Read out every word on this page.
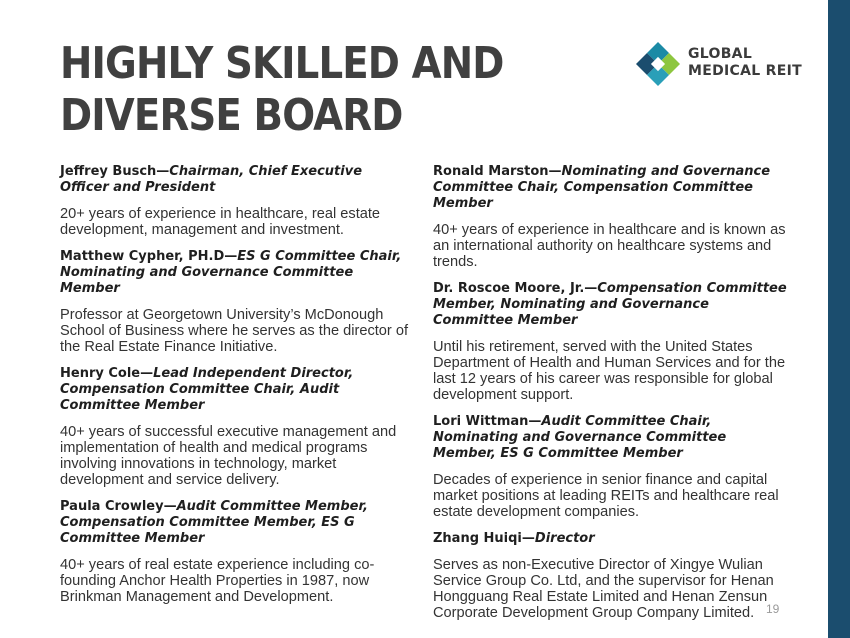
HIGHLY SKILLED AND
DIVERSE BOARD
GLOBAL
MEDICAL REIT
Jeffrey Busch—Chairman, Chief Executive Officer and President
20+ years of experience in healthcare, real estate development, management and investment.
Matthew Cypher, PH.D—ES G Committee Chair, Nominating and Governance Committee Member
Professor at Georgetown University’s McDonough School of Business where he serves as the director of the Real Estate Finance Initiative.
Henry Cole—Lead Independent Director, Compensation Committee Chair, Audit Committee Member
40+ years of successful executive management and implementation of health and medical programs involving innovations in technology, market development and service delivery.
Paula Crowley—Audit Committee Member, Compensation Committee Member, ES G Committee Member
40+ years of real estate experience including co-founding Anchor Health Properties in 1987, now Brinkman Management and Development.
Ronald Marston—Nominating and Governance Committee Chair, Compensation Committee Member
40+ years of experience in healthcare and is known as an international authority on healthcare systems and trends.
Dr. Roscoe Moore, Jr.—Compensation Committee Member, Nominating and Governance Committee Member
Until his retirement, served with the United States Department of Health and Human Services and for the last 12 years of his career was responsible for global development support.
Lori Wittman—Audit Committee Chair, Nominating and Governance Committee Member, ES G Committee Member
Decades of experience in senior finance and capital market positions at leading REITs and healthcare real estate development companies.
Zhang Huiqi—Director
Serves as non-Executive Director of Xingye Wulian Service Group Co. Ltd, and the supervisor for Henan Hongguang Real Estate Limited and Henan Zensun Corporate Development Group Company Limited. 19
